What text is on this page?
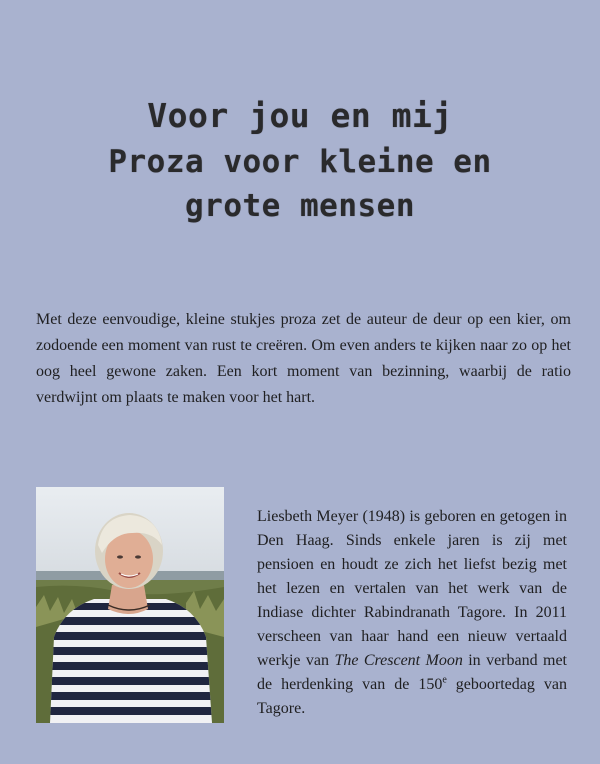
Voor jou en mij
Proza voor kleine en
grote mensen

Met deze eenvoudige, kleine stukjes proza zet de auteur de deur op een kier, om zodoende een moment van rust te creëren. Om even anders te kijken naar zo op het oog heel gewone zaken. Een kort moment van bezinning, waarbij de ratio verdwijnt om plaats te maken voor het hart.

Liesbeth Meyer (1948) is geboren en getogen in Den Haag. Sinds enkele jaren is zij met pensioen en houdt ze zich het liefst bezig met het lezen en vertalen van het werk van de Indiase dichter Rabindranath Tagore. In 2011 verscheen van haar hand een nieuw vertaald werkje van The Crescent Moon in verband met de herdenking van de 150e geboortedag van Tagore.
